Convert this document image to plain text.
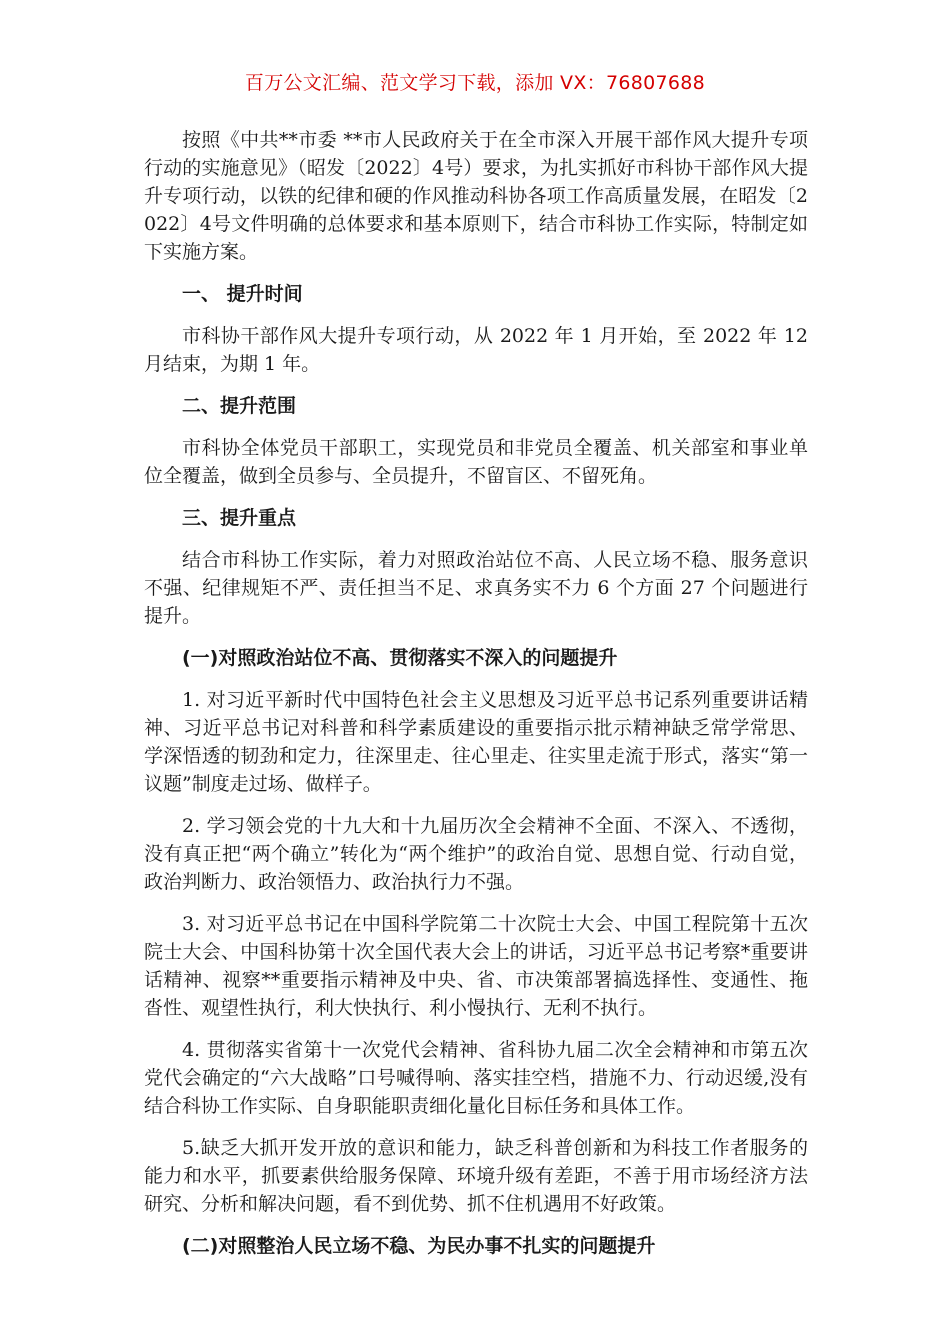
百万公文汇编、范文学习下载，添加 VX：76807688

按照《中共**市委 **市人民政府关于在全市深入开展干部作风大提升专项行动的实施意见》（昭发〔2022〕4号）要求，为扎实抓好市科协干部作风大提升专项行动，以铁的纪律和硬的作风推动科协各项工作高质量发展，在昭发〔2022〕4号文件明确的总体要求和基本原则下，结合市科协工作实际，特制定如下实施方案。

一、 提升时间

市科协干部作风大提升专项行动，从 2022 年 1 月开始，至 2022 年 12 月结束，为期 1 年。

二、提升范围

市科协全体党员干部职工，实现党员和非党员全覆盖、机关部室和事业单位全覆盖，做到全员参与、全员提升，不留盲区、不留死角。

三、提升重点

结合市科协工作实际，着力对照政治站位不高、人民立场不稳、服务意识不强、纪律规矩不严、责任担当不足、求真务实不力 6 个方面 27 个问题进行提升。

(一)对照政治站位不高、贯彻落实不深入的问题提升

1. 对习近平新时代中国特色社会主义思想及习近平总书记系列重要讲话精神、习近平总书记对科普和科学素质建设的重要指示批示精神缺乏常学常思、学深悟透的韧劲和定力，往深里走、往心里走、往实里走流于形式，落实“第一议题”制度走过场、做样子。

2. 学习领会党的十九大和十九届历次全会精神不全面、不深入、不透彻，没有真正把“两个确立”转化为“两个维护”的政治自觉、思想自觉、行动自觉，政治判断力、政治领悟力、政治执行力不强。

3. 对习近平总书记在中国科学院第二十次院士大会、中国工程院第十五次院士大会、中国科协第十次全国代表大会上的讲话，习近平总书记考察*重要讲话精神、视察**重要指示精神及中央、省、市决策部署搞选择性、变通性、拖沓性、观望性执行，利大快执行、利小慢执行、无利不执行。

4. 贯彻落实省第十一次党代会精神、省科协九届二次全会精神和市第五次党代会确定的“六大战略”口号喊得响、落实挂空档，措施不力、行动迟缓,没有结合科协工作实际、自身职能职责细化量化目标任务和具体工作。

5.缺乏大抓开发开放的意识和能力，缺乏科普创新和为科技工作者服务的能力和水平，抓要素供给服务保障、环境升级有差距，不善于用市场经济方法研究、分析和解决问题，看不到优势、抓不住机遇用不好政策。

(二)对照整治人民立场不稳、为民办事不扎实的问题提升
